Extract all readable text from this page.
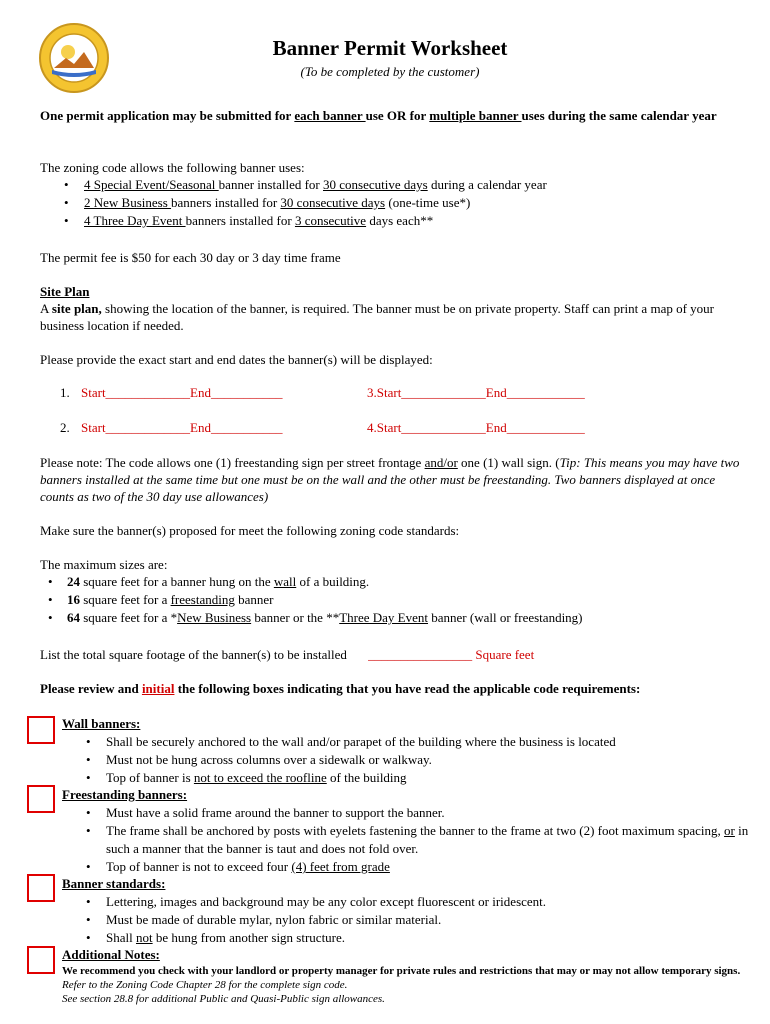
Banner Permit Worksheet
(To be completed by the customer)
One permit application may be submitted for each banner use OR for multiple banner uses during the same calendar year
The zoning code allows the following banner uses:
• 4 Special Event/Seasonal banner installed for 30 consecutive days during a calendar year
• 2 New Business banners installed for 30 consecutive days (one-time use*)
• 4 Three Day Event banners installed for 3 consecutive days each**
The permit fee is $50 for each 30 day or 3 day time frame
Site Plan
A site plan, showing the location of the banner, is required. The banner must be on private property. Staff can print a map of your business location if needed.
Please provide the exact start and end dates the banner(s) will be displayed:
1. Start_____________End___________	3.Start_____________End____________
2. Start_____________End___________	4.Start_____________End____________
Please note: The code allows one (1) freestanding sign per street frontage and/or one (1) wall sign. (Tip: This means you may have two banners installed at the same time but one must be on the wall and the other must be freestanding. Two banners displayed at once counts as two of the 30 day use allowances)
Make sure the banner(s) proposed for meet the following zoning code standards:
The maximum sizes are:
• 24 square feet for a banner hung on the wall of a building.
• 16 square feet for a freestanding banner
• 64 square feet for a *New Business banner or the **Three Day Event banner (wall or freestanding)
List the total square footage of the banner(s) to be installed ________________ Square feet
Please review and initial the following boxes indicating that you have read the applicable code requirements:
Wall banners:
• Shall be securely anchored to the wall and/or parapet of the building where the business is located
• Must not be hung across columns over a sidewalk or walkway.
• Top of banner is not to exceed the roofline of the building
Freestanding banners:
• Must have a solid frame around the banner to support the banner.
• The frame shall be anchored by posts with eyelets fastening the banner to the frame at two (2) foot maximum spacing, or in such a manner that the banner is taut and does not fold over.
• Top of banner is not to exceed four (4) feet from grade
Banner standards:
• Lettering, images and background may be any color except fluorescent or iridescent.
• Must be made of durable mylar, nylon fabric or similar material.
• Shall not be hung from another sign structure.
Additional Notes:
We recommend you check with your landlord or property manager for private rules and restrictions that may or may not allow temporary signs. Refer to the Zoning Code Chapter 28 for the complete sign code.
See section 28.8 for additional Public and Quasi-Public sign allowances.
